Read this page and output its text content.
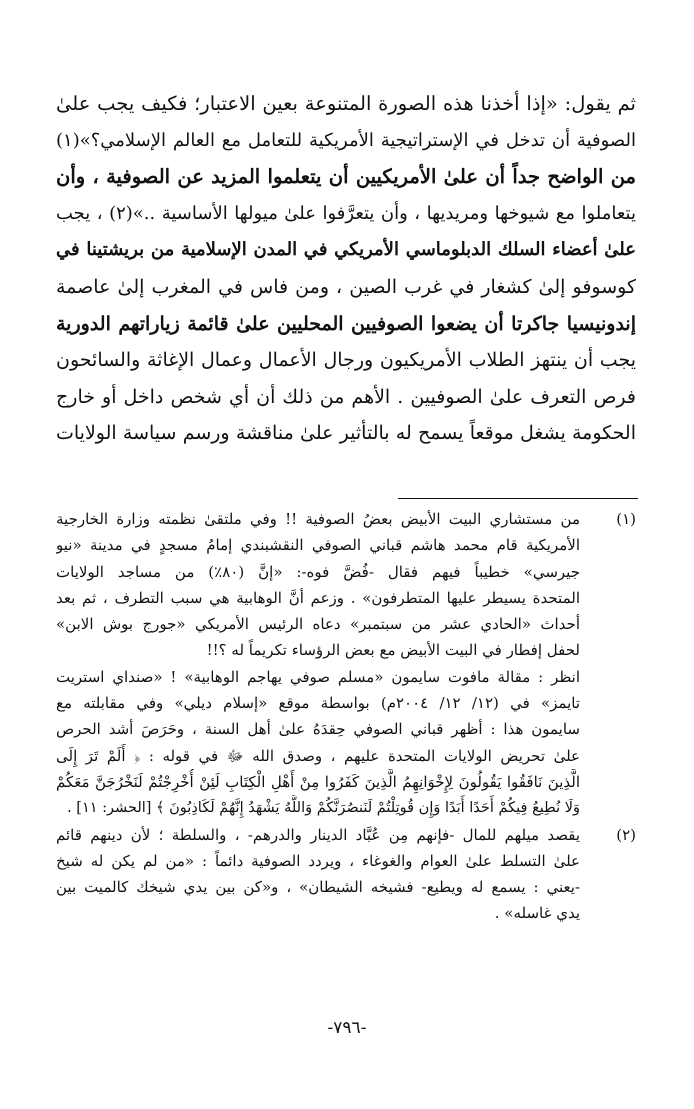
ثم يقول: «إذا أخذنا هذه الصورة المتنوعة بعين الاعتبار؛ فكيف يجب علىٰ
الصوفية أن تدخل في الإستراتيجية الأمريكية للتعامل مع العالم الإسلامي؟»(١)
من الواضح جداً أن علىٰ الأمريكيين أن يتعلموا المزيد عن الصوفية ، وأن
يتعاملوا مع شيوخها ومريديها ، وأن يتعرَّفوا علىٰ ميولها الأساسية ..»(٢) ، يجب
علىٰ أعضاء السلك الدبلوماسي الأمريكي في المدن الإسلامية من بريشتينا في
كوسوفو إلىٰ كشغار في غرب الصين ، ومن فاس في المغرب إلىٰ عاصمة
إندونيسيا جاكرتا أن يضعوا الصوفيين المحليين علىٰ قائمة زياراتهم الدورية
يجب أن ينتهز الطلاب الأمريكيون ورجال الأعمال وعمال الإغاثة والسائحون
فرص التعرف علىٰ الصوفيين . الأهم من ذلك أن أي شخص داخل أو خارج
الحكومة يشغل موقعاً يسمح له بالتأثير علىٰ مناقشة ورسم سياسة الولايات
(١)
من مستشاري البيت الأبيض بعضُ الصوفية !! وفي ملتقىٰ نظمته وزارة الخارجية
الأمريكية قام محمد هاشم قباني الصوفي النقشبندي إمامُ مسجدٍ في مدينة «نيو
جيرسي» خطيباً فيهم فقال -فُضَّ فوه-: «إنَّ (٨٠٪) من مساجد الولايات
المتحدة يسيطر عليها المتطرفون» . وزعم أنَّ الوهابية هي سبب التطرف ، ثم بعد
أحداث «الحادي عشر من سبتمبر» دعاه الرئيس الأمريكي «جورج بوش الابن»
لحفل إفطار في البيت الأبيض مع بعض الرؤساء تكريماً له ؟!!
انظر : مقالة مافوت سايمون «مسلم صوفي يهاجم الوهابية» ! «صنداي استريت
تايمز» في (١٢/ ١٢/ ٢٠٠٤م) بواسطة موقع «إسلام ديلي» وفي مقابلته مع
سايمون هذا : أظهر قباني الصوفي حِقدَهُ علىٰ أهل السنة ، وحَرَصَ أشد الحرص
علىٰ تحريض الولايات المتحدة عليهم ، وصدق الله ﷻ في قوله : ﴿ أَلَمْ تَرَ إِلَى
الَّذِينَ نَافَقُوا يَقُولُونَ لِإِخْوَانِهِمُ الَّذِينَ كَفَرُوا مِنْ أَهْلِ الْكِتَابِ لَئِنْ أُخْرِجْتُمْ لَنَخْرُجَنَّ مَعَكُمْ
وَلَا نُطِيعُ فِيكُمْ أَحَدًا أَبَدًا وَإِن قُوتِلْتُمْ لَنَنصُرَنَّكُمْ وَاللَّهُ يَشْهَدُ إِنَّهُمْ لَكَاذِبُونَ ﴾ [الحشر: ١١] .
(٢)
يقصد ميلهم للمال -فإنهم مِن عُبَّاد الدينار والدرهم- ، والسلطة ؛ لأن دينهم قائم
علىٰ التسلط علىٰ العوام والغوغاء ، ويردد الصوفية دائماً : «من لم يكن له شيخ
-يعني : يسمع له ويطيع- فشيخه الشيطان» ، و«كن بين يدي شيخك كالميت بين
يدي غاسله» .
-٧٩٦-
